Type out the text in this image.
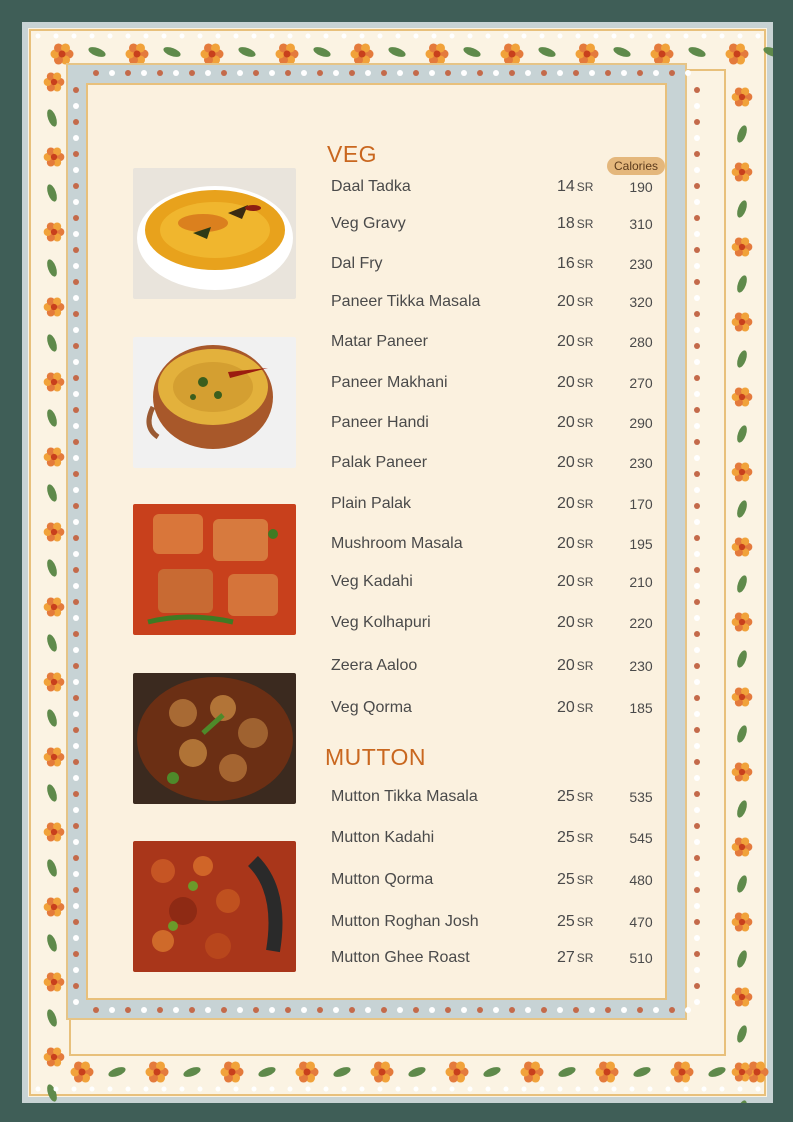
VEG
MUTTON
Calories
Daal Tadka	14 SR	190
Veg Gravy	18 SR	310
Dal Fry	16 SR	230
Paneer Tikka Masala	20 SR	320
Matar Paneer	20 SR	280
Paneer Makhani	20 SR	270
Paneer Handi	20 SR	290
Palak Paneer	20 SR	230
Plain Palak	20 SR	170
Mushroom Masala	20 SR	195
Veg Kadahi	20 SR	210
Veg Kolhapuri	20 SR	220
Zeera Aaloo	20 SR	230
Veg Qorma	20 SR	185
Mutton Tikka Masala	25 SR	535
Mutton Kadahi	25 SR	545
Mutton Qorma	25 SR	480
Mutton Roghan Josh	25 SR	470
Mutton Ghee Roast	27 SR	510
